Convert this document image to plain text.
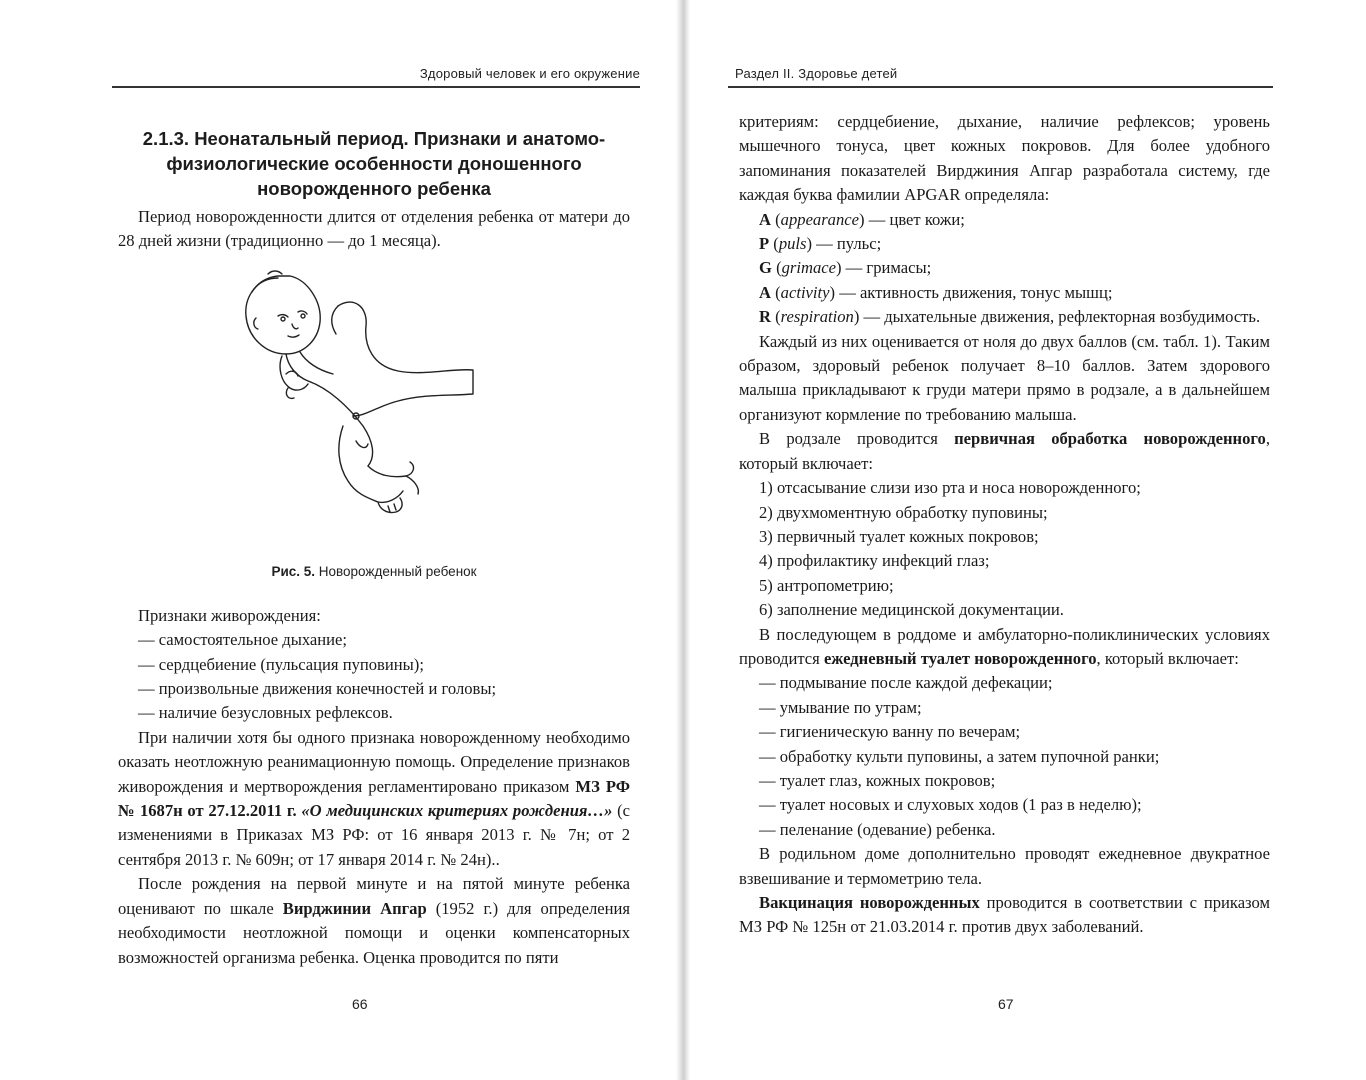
Здоровый человек и его окружение
2.1.3. Неонатальный период. Признаки и анатомо-физиологические особенности доношенного новорожденного ребенка

Период новорожденности длится от отделения ребенка от матери до 28 дней жизни (традиционно — до 1 месяца).

Рис. 5. Новорожденный ребенок

Признаки живорождения:

— самостоятельное дыхание;
— сердцебиение (пульсация пуповины);
— произвольные движения конечностей и головы;
— наличие безусловных рефлексов.

При наличии хотя бы одного признака новорожденному необходимо оказать неотложную реанимационную помощь. Определение признаков живорождения и мертворождения регламентировано приказом МЗ РФ № 1687н от 27.12.2011 г. «О медицинских критериях рождения…» (с изменениями в Приказах МЗ РФ: от 16 января 2013 г. № 7н; от 2 сентября 2013 г. № 609н; от 17 января 2014 г. № 24н)..

После рождения на первой минуте и на пятой минуте ребенка оценивают по шкале Вирджинии Апгар (1952 г.) для определения необходимости неотложной помощи и оценки компенсаторных возможностей организма ребенка. Оценка проводится по пяти

66
Раздел II. Здоровье детей

критериям: сердцебиение, дыхание, наличие рефлексов; уровень мышечного тонуса, цвет кожных покровов. Для более удобного запоминания показателей Вирджиния Апгар разработала систему, где каждая буква фамилии APGAR определяла:

A (appearance) — цвет кожи;
P (puls) — пульс;
G (grimace) — гримасы;
A (activity) — активность движения, тонус мышц;
R (respiration) — дыхательные движения, рефлекторная возбудимость.

Каждый из них оценивается от ноля до двух баллов (см. табл. 1). Таким образом, здоровый ребенок получает 8–10 баллов. Затем здорового малыша прикладывают к груди матери прямо в родзале, а в дальнейшем организуют кормление по требованию малыша.

В родзале проводится первичная обработка новорожденного, который включает:

1) отсасывание слизи изо рта и носа новорожденного;
2) двухмоментную обработку пуповины;
3) первичный туалет кожных покровов;
4) профилактику инфекций глаз;
5) антропометрию;
6) заполнение медицинской документации.

В последующем в роддоме и амбулаторно-поликлинических условиях проводится ежедневный туалет новорожденного, который включает:

— подмывание после каждой дефекации;
— умывание по утрам;
— гигиеническую ванну по вечерам;
— обработку культи пуповины, а затем пупочной ранки;
— туалет глаз, кожных покровов;
— туалет носовых и слуховых ходов (1 раз в неделю);
— пеленание (одевание) ребенка.

В родильном доме дополнительно проводят ежедневное двукратное взвешивание и термометрию тела.

Вакцинация новорожденных проводится в соответствии с приказом МЗ РФ № 125н от 21.03.2014 г. против двух заболеваний.

67
